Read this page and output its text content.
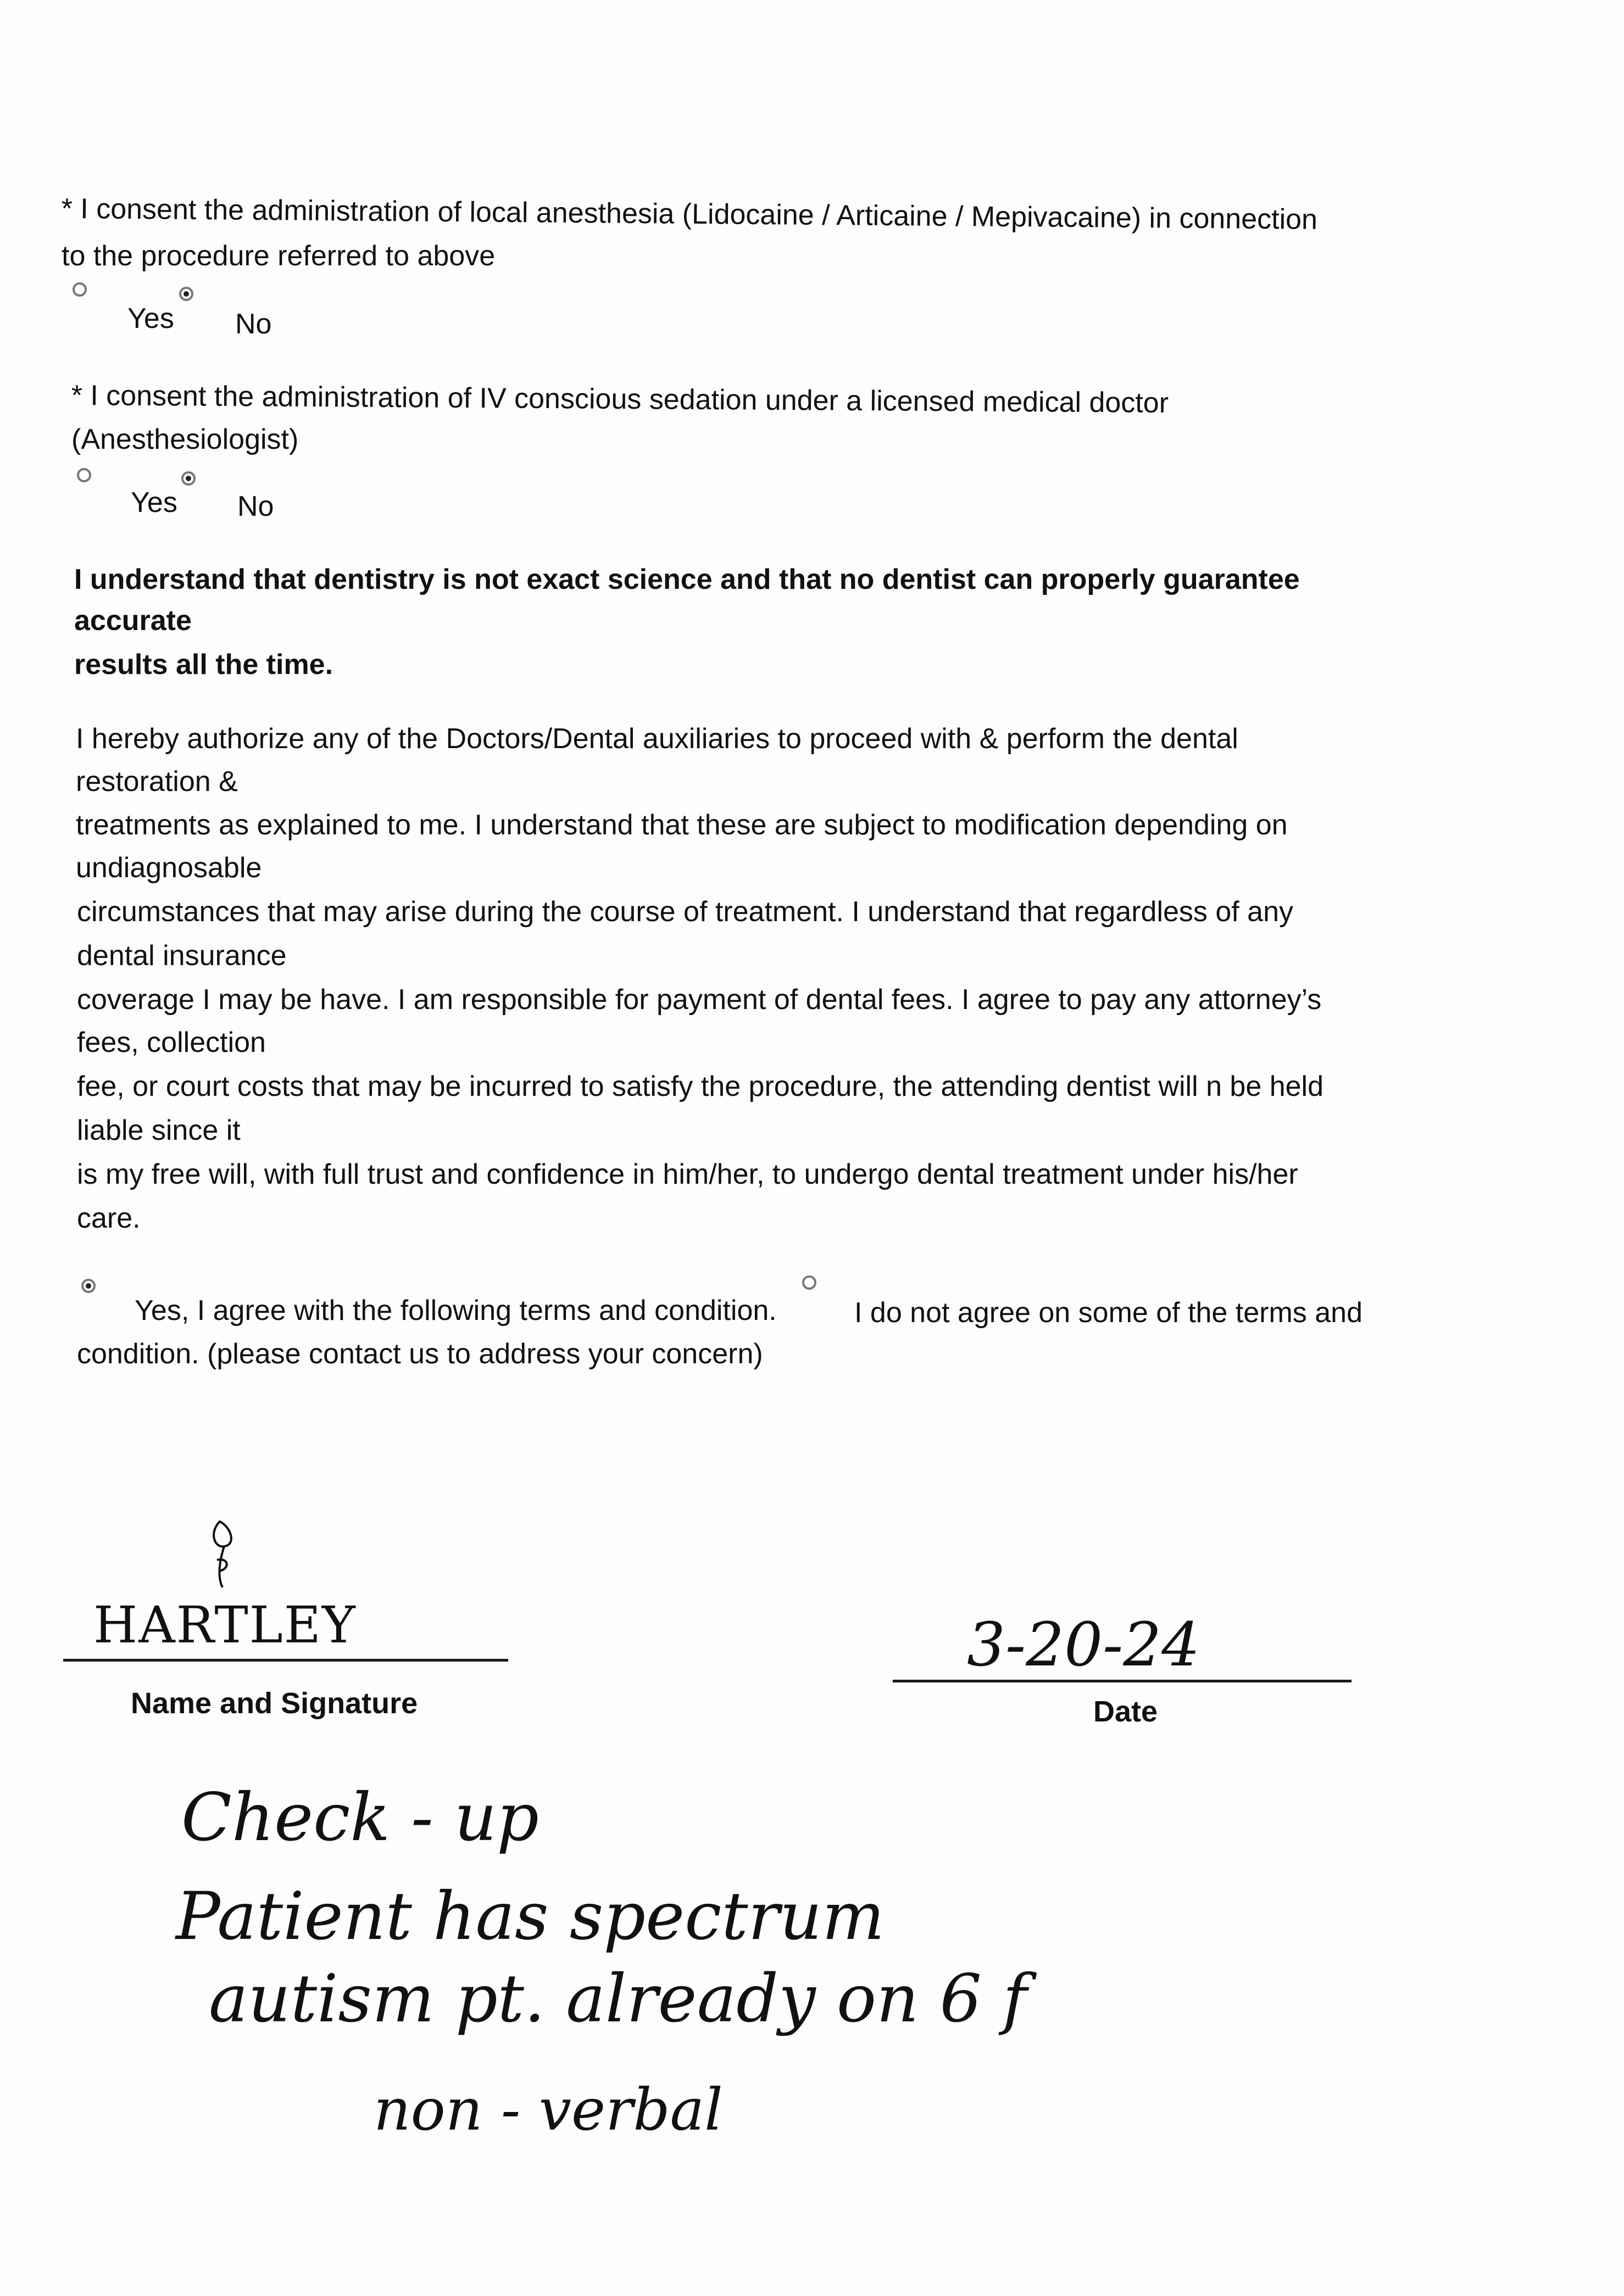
* I consent the administration of local anesthesia (Lidocaine / Articaine / Mepivacaine) in connection
to the procedure referred to above
Yes No
* I consent the administration of IV conscious sedation under a licensed medical doctor
(Anesthesiologist)
Yes No
I understand that dentistry is not exact science and that no dentist can properly guarantee
accurate
results all the time.
I hereby authorize any of the Doctors/Dental auxiliaries to proceed with & perform the dental
restoration &
treatments as explained to me. I understand that these are subject to modification depending on
undiagnosable
circumstances that may arise during the course of treatment. I understand that regardless of any
dental insurance
coverage I may be have. I am responsible for payment of dental fees. I agree to pay any attorney’s
fees, collection
fee, or court costs that may be incurred to satisfy the procedure, the attending dentist will n be held
liable since it
is my free will, with full trust and confidence in him/her, to undergo dental treatment under his/her
care.
Yes, I agree with the following terms and condition.	I do not agree on some of the terms and
condition. (please contact us to address your concern)
HARTLEY
Name and Signature
3-20-24
Date
Check - up
Patient has spectrum
autism pt. already on 6 f
non - verbal
